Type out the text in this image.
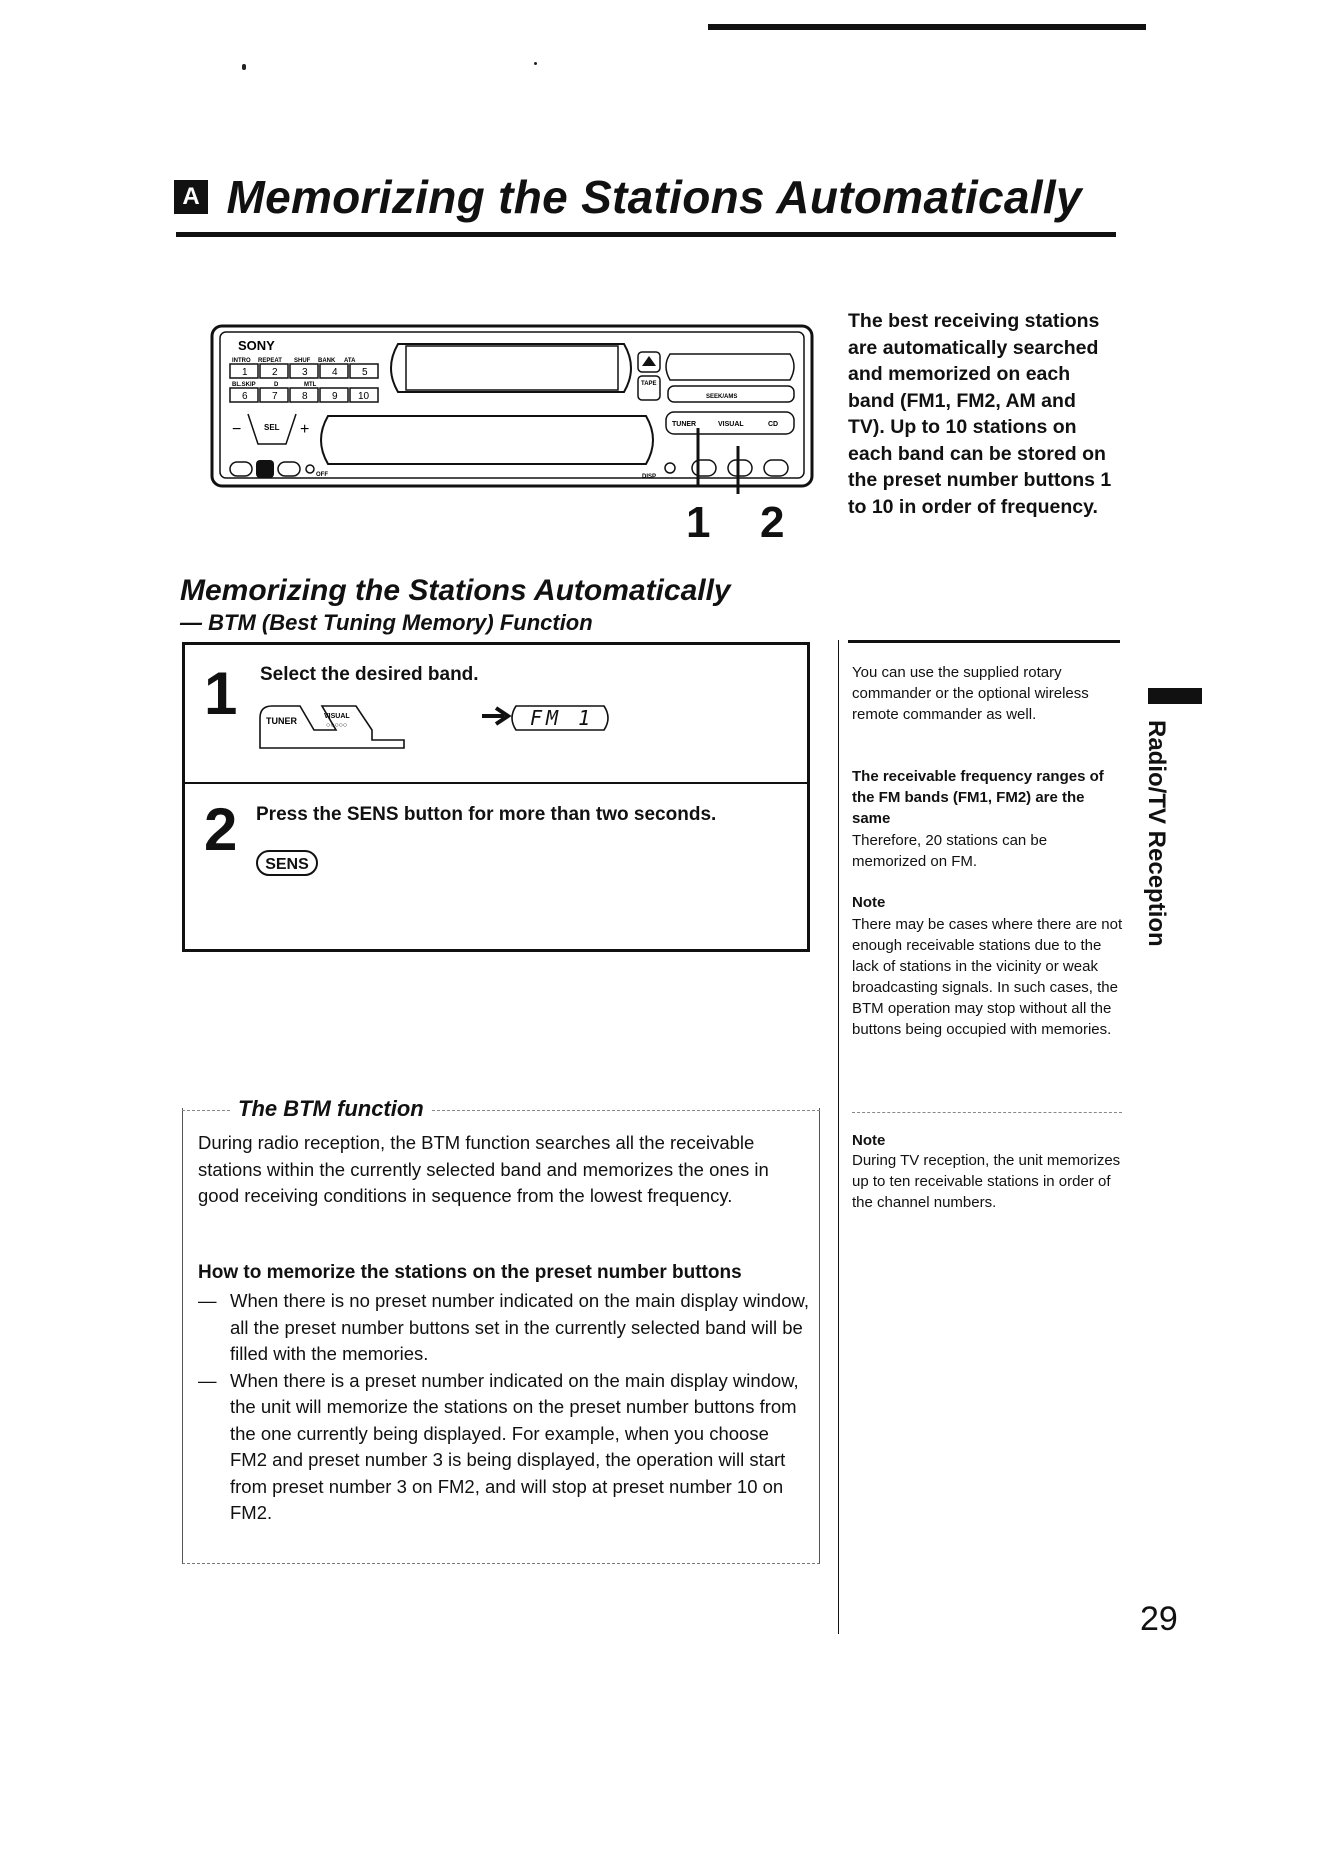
A Memorizing the Stations Automatically
SONY
INTRO REPEAT SHUF BANK ATA
BL.SKIP	D	MTL
1 2 3 4 5
6 7 8 9 10
TAPE
SEEK/AMS
−	SEL +	TUNER	VISUAL	CD
OFF	DISP
1 2
The best receiving stations are automatically searched and memorized on each band (FM1, FM2, AM and TV). Up to 10 stations on each band can be stored on the preset number buttons 1 to 10 in order of frequency.
Memorizing the Stations Automatically
— BTM (Best Tuning Memory) Function
1 Select the desired band.
TUNER	VISUAL
○○○○○	FM 1
2 Press the SENS button for more than two seconds.
SENS
You can use the supplied rotary commander or the optional wireless remote commander as well.
The receivable frequency ranges of the FM bands (FM1, FM2) are the same
Therefore, 20 stations can be memorized on FM.
Note
There may be cases where there are not enough receivable stations due to the lack of stations in the vicinity or weak broadcasting signals. In such cases, the BTM operation may stop without all the buttons being occupied with memories.
Note
During TV reception, the unit memorizes up to ten receivable stations in order of the channel numbers.
The BTM function
During radio reception, the BTM function searches all the receivable stations within the currently selected band and memorizes the ones in good receiving conditions in sequence from the lowest frequency.
How to memorize the stations on the preset number buttons
— When there is no preset number indicated on the main display window, all the preset number buttons set in the currently selected band will be filled with the memories.
— When there is a preset number indicated on the main display window, the unit will memorize the stations on the preset number buttons from the one currently being displayed. For example, when you choose FM2 and preset number 3 is being displayed, the operation will start from preset number 3 on FM2, and will stop at preset number 10 on FM2.
Radio/TV Reception
29
